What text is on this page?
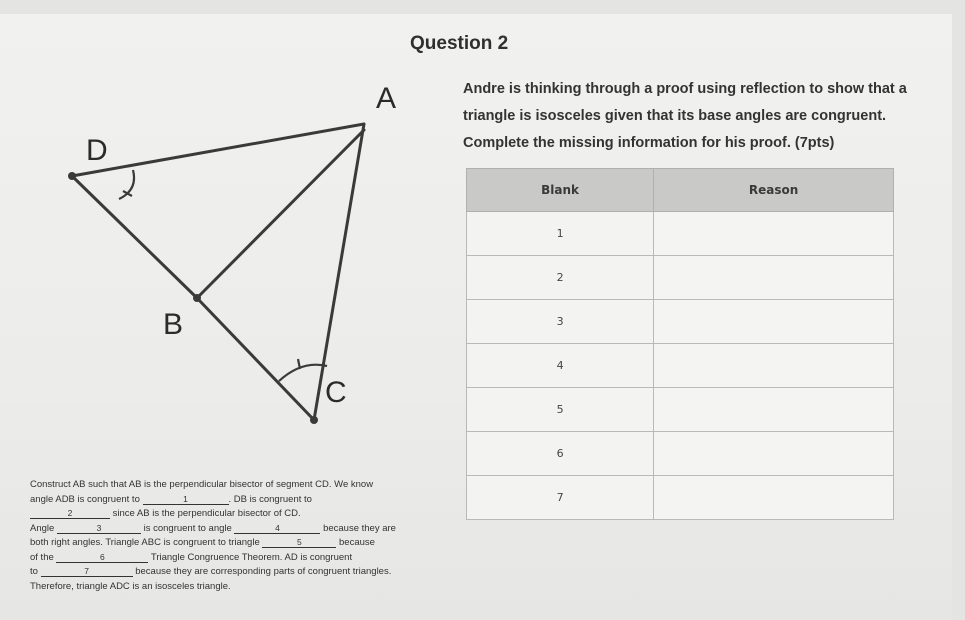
Question 2
Andre is thinking through a proof using reflection to show that a
triangle is isosceles given that its base angles are congruent.
Complete the missing information for his proof. (7pts)
A
D
B
C
Blank	Reason
1	
2	
3	
4	
5	
6	
7	
Construct AB such that AB is the perpendicular bisector of segment CD. We know
angle ADB is congruent to	1	. DB is congruent to
2	since AB is the perpendicular bisector of CD.
Angle	3	is congruent to angle	4	because they are
both right angles. Triangle ABC is congruent to triangle	5	because
of the	6	Triangle Congruence Theorem. AD is congruent
to	7	because they are corresponding parts of congruent triangles.
Therefore, triangle ADC is an isosceles triangle.
